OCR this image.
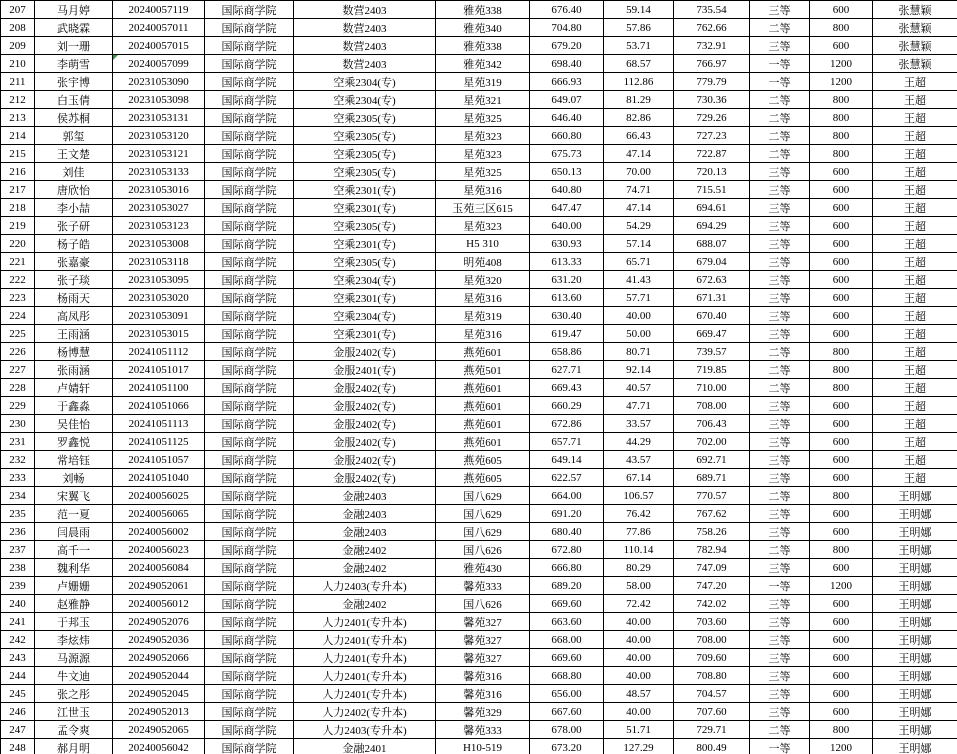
207	马月婷	20240057119	国际商学院	数营2403	雅苑338	676.40	59.14	735.54	三等	600	张慧颖
208	武晓霖	20240057011	国际商学院	数营2403	雅苑340	704.80	57.86	762.66	二等	800	张慧颖
209	刘一珊	20240057015	国际商学院	数营2403	雅苑338	679.20	53.71	732.91	三等	600	张慧颖
210	李萌雪	20240057099	国际商学院	数营2403	雅苑342	698.40	68.57	766.97	一等	1200	张慧颖
211	张宇博	20231053090	国际商学院	空乘2304(专)	星苑319	666.93	112.86	779.79	一等	1200	王超
212	白玉倩	20231053098	国际商学院	空乘2304(专)	星苑321	649.07	81.29	730.36	二等	800	王超
213	侯苏桐	20231053131	国际商学院	空乘2305(专)	星苑325	646.40	82.86	729.26	二等	800	王超
214	郭玺	20231053120	国际商学院	空乘2305(专)	星苑323	660.80	66.43	727.23	二等	800	王超
215	王文楚	20231053121	国际商学院	空乘2305(专)	星苑323	675.73	47.14	722.87	二等	800	王超
216	刘佳	20231053133	国际商学院	空乘2305(专)	星苑325	650.13	70.00	720.13	三等	600	王超
217	唐欣怡	20231053016	国际商学院	空乘2301(专)	星苑316	640.80	74.71	715.51	三等	600	王超
218	李小喆	20231053027	国际商学院	空乘2301(专)	玉苑三区615	647.47	47.14	694.61	三等	600	王超
219	张子研	20231053123	国际商学院	空乘2305(专)	星苑323	640.00	54.29	694.29	三等	600	王超
220	杨子皓	20231053008	国际商学院	空乘2301(专)	H5 310	630.93	57.14	688.07	三等	600	王超
221	张嘉豪	20231053118	国际商学院	空乘2305(专)	明苑408	613.33	65.71	679.04	三等	600	王超
222	张子琰	20231053095	国际商学院	空乘2304(专)	星苑320	631.20	41.43	672.63	三等	600	王超
223	杨雨天	20231053020	国际商学院	空乘2301(专)	星苑316	613.60	57.71	671.31	三等	600	王超
224	高凤彤	20231053091	国际商学院	空乘2304(专)	星苑319	630.40	40.00	670.40	三等	600	王超
225	王雨涵	20231053015	国际商学院	空乘2301(专)	星苑316	619.47	50.00	669.47	三等	600	王超
226	杨博慧	20241051112	国际商学院	金服2402(专)	燕苑601	658.86	80.71	739.57	二等	800	王超
227	张雨涵	20241051017	国际商学院	金服2401(专)	燕苑501	627.71	92.14	719.85	二等	800	王超
228	卢婧轩	20241051100	国际商学院	金服2402(专)	燕苑601	669.43	40.57	710.00	二等	800	王超
229	于鑫淼	20241051066	国际商学院	金服2402(专)	燕苑601	660.29	47.71	708.00	三等	600	王超
230	吴佳怡	20241051113	国际商学院	金服2402(专)	燕苑601	672.86	33.57	706.43	三等	600	王超
231	罗鑫悦	20241051125	国际商学院	金服2402(专)	燕苑601	657.71	44.29	702.00	三等	600	王超
232	常培钰	20241051057	国际商学院	金服2402(专)	燕苑605	649.14	43.57	692.71	三等	600	王超
233	刘畅	20241051040	国际商学院	金服2402(专)	燕苑605	622.57	67.14	689.71	三等	600	王超
234	宋翼飞	20240056025	国际商学院	金融2403	国八629	664.00	106.57	770.57	二等	800	王明娜
235	范一夏	20240056065	国际商学院	金融2403	国八629	691.20	76.42	767.62	三等	600	王明娜
236	闫晨雨	20240056002	国际商学院	金融2403	国八629	680.40	77.86	758.26	三等	600	王明娜
237	高千一	20240056023	国际商学院	金融2402	国八626	672.80	110.14	782.94	二等	800	王明娜
238	魏利华	20240056084	国际商学院	金融2402	雅苑430	666.80	80.29	747.09	三等	600	王明娜
239	卢姗姗	20249052061	国际商学院	人力2403(专升本)	馨苑333	689.20	58.00	747.20	一等	1200	王明娜
240	赵雅静	20240056012	国际商学院	金融2402	国八626	669.60	72.42	742.02	三等	600	王明娜
241	于邦玉	20249052076	国际商学院	人力2401(专升本)	馨苑327	663.60	40.00	703.60	三等	600	王明娜
242	李炫炜	20249052036	国际商学院	人力2401(专升本)	馨苑327	668.00	40.00	708.00	三等	600	王明娜
243	马源源	20249052066	国际商学院	人力2401(专升本)	馨苑327	669.60	40.00	709.60	三等	600	王明娜
244	牛文迪	20249052044	国际商学院	人力2401(专升本)	馨苑316	668.80	40.00	708.80	三等	600	王明娜
245	张之彤	20249052045	国际商学院	人力2401(专升本)	馨苑316	656.00	48.57	704.57	三等	600	王明娜
246	江世玉	20249052013	国际商学院	人力2402(专升本)	馨苑329	667.60	40.00	707.60	三等	600	王明娜
247	孟令爽	20249052065	国际商学院	人力2403(专升本)	馨苑333	678.00	51.71	729.71	二等	800	王明娜
248	郝月明	20240056042	国际商学院	金融2401	H10-519	673.20	127.29	800.49	一等	1200	王明娜
